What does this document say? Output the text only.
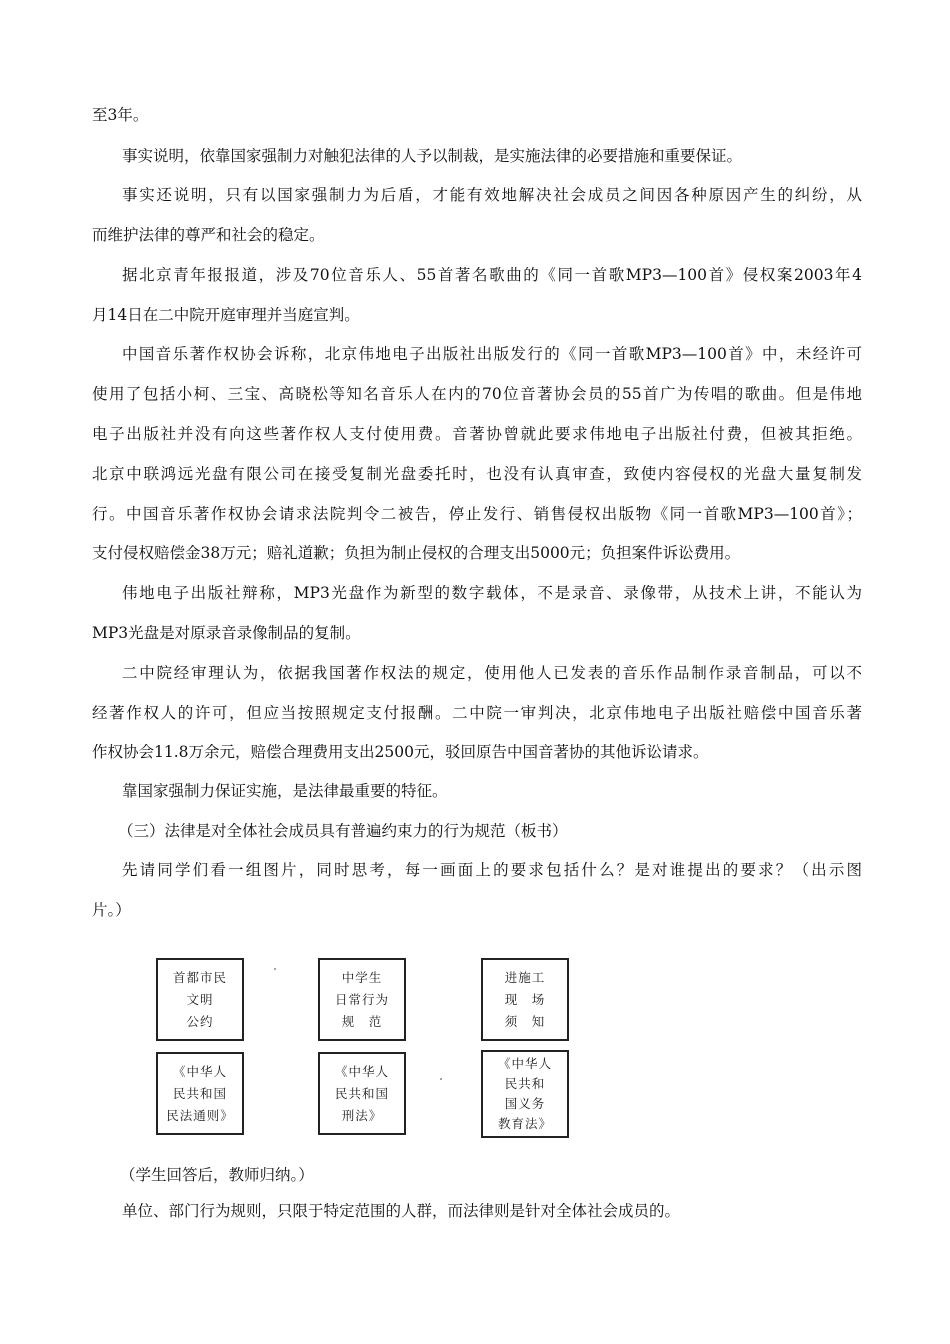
至3年。
事实说明，依靠国家强制力对触犯法律的人予以制裁，是实施法律的必要措施和重要保证。
事实还说明，只有以国家强制力为后盾，才能有效地解决社会成员之间因各种原因产生的纠纷，从
而维护法律的尊严和社会的稳定。
据北京青年报报道，涉及70位音乐人、55首著名歌曲的《同一首歌MP3—100首》侵权案2003年4
月14日在二中院开庭审理并当庭宣判。
中国音乐著作权协会诉称，北京伟地电子出版社出版发行的《同一首歌MP3—100首》中，未经许可
使用了包括小柯、三宝、高晓松等知名音乐人在内的70位音著协会员的55首广为传唱的歌曲。但是伟地
电子出版社并没有向这些著作权人支付使用费。音著协曾就此要求伟地电子出版社付费，但被其拒绝。
北京中联鸿远光盘有限公司在接受复制光盘委托时，也没有认真审查，致使内容侵权的光盘大量复制发
行。中国音乐著作权协会请求法院判令二被告，停止发行、销售侵权出版物《同一首歌MP3—100首》；
支付侵权赔偿金38万元；赔礼道歉；负担为制止侵权的合理支出5000元；负担案件诉讼费用。
伟地电子出版社辩称，MP3光盘作为新型的数字载体，不是录音、录像带，从技术上讲，不能认为
MP3光盘是对原录音录像制品的复制。
二中院经审理认为，依据我国著作权法的规定，使用他人已发表的音乐作品制作录音制品，可以不
经著作权人的许可，但应当按照规定支付报酬。二中院一审判决，北京伟地电子出版社赔偿中国音乐著
作权协会11.8万余元，赔偿合理费用支出2500元，驳回原告中国音著协的其他诉讼请求。
靠国家强制力保证实施，是法律最重要的特征。
（三）法律是对全体社会成员具有普遍约束力的行为规范（板书）
先请同学们看一组图片，同时思考，每一画面上的要求包括什么？是对谁提出的要求？（出示图
片。）
首都市民
文明
公约
中学生
日常行为
规　范
进施工
现　场
须　知
《中华人
民共和国
民法通则》
《中华人
民共和国
刑法》
《中华人
民共和
国义务
教育法》
（学生回答后，教师归纳。）
单位、部门行为规则，只限于特定范围的人群，而法律则是针对全体社会成员的。
